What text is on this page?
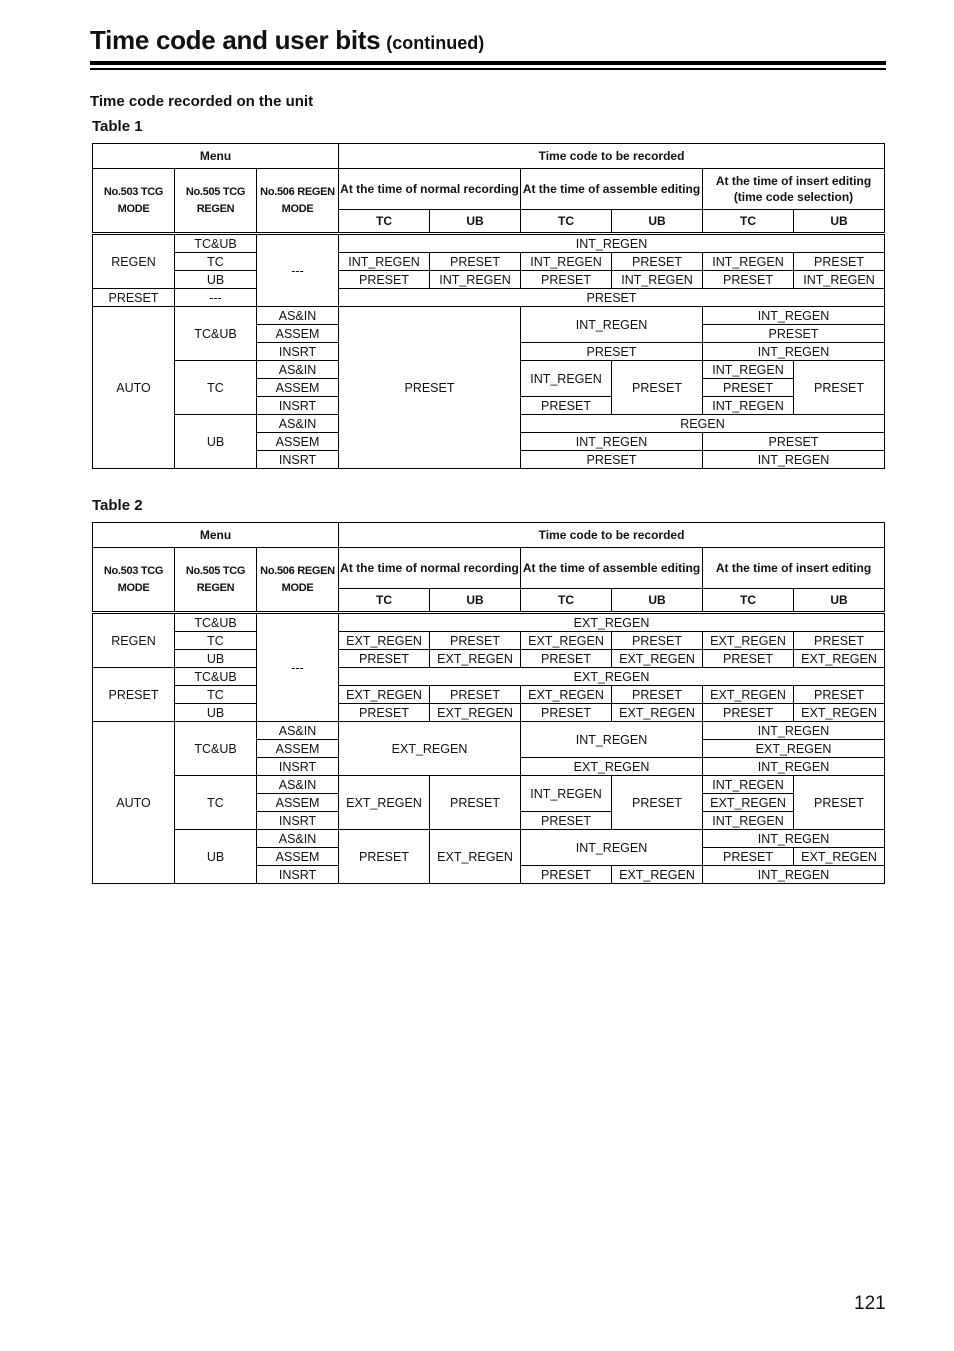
Time code and user bits (continued)
Time code recorded on the unit
Table 1
Menu			Time code to be recorded					
No.503 TCG MODE	No.505 TCG REGEN	No.506 REGEN MODE	At the time of normal recording		At the time of assemble editing		At the time of insert editing (time code selection)	
			TC	UB	TC	UB	TC	UB
REGEN	TC&UB	---	INT_REGEN					
	TC		INT_REGEN	PRESET	INT_REGEN	PRESET	INT_REGEN	PRESET
	UB		PRESET	INT_REGEN	PRESET	INT_REGEN	PRESET	INT_REGEN
PRESET	---		PRESET					
AUTO	TC&UB	AS&IN	PRESET		INT_REGEN		INT_REGEN	
		ASSEM					PRESET	
		INSRT			PRESET		INT_REGEN	
	TC	AS&IN			INT_REGEN	PRESET	INT_REGEN	PRESET
		ASSEM					PRESET	
		INSRT			PRESET		INT_REGEN	
	UB	AS&IN			REGEN			
		ASSEM			INT_REGEN		PRESET	
		INSRT			PRESET		INT_REGEN	
Table 2
Menu			Time code to be recorded					
No.503 TCG MODE	No.505 TCG REGEN	No.506 REGEN MODE	At the time of normal recording		At the time of assemble editing		At the time of insert editing	
			TC	UB	TC	UB	TC	UB
REGEN	TC&UB	---	EXT_REGEN					
	TC		EXT_REGEN	PRESET	EXT_REGEN	PRESET	EXT_REGEN	PRESET
	UB		PRESET	EXT_REGEN	PRESET	EXT_REGEN	PRESET	EXT_REGEN
PRESET	TC&UB		EXT_REGEN					
	TC		EXT_REGEN	PRESET	EXT_REGEN	PRESET	EXT_REGEN	PRESET
	UB		PRESET	EXT_REGEN	PRESET	EXT_REGEN	PRESET	EXT_REGEN
AUTO	TC&UB	AS&IN	EXT_REGEN		INT_REGEN		INT_REGEN	
		ASSEM					EXT_REGEN	
		INSRT			EXT_REGEN		INT_REGEN	
	TC	AS&IN	EXT_REGEN	PRESET	INT_REGEN	PRESET	INT_REGEN	PRESET
		ASSEM					EXT_REGEN	
		INSRT			PRESET		INT_REGEN	
	UB	AS&IN	PRESET	EXT_REGEN	INT_REGEN		INT_REGEN	
		ASSEM					PRESET	EXT_REGEN
		INSRT			PRESET	EXT_REGEN	INT_REGEN	
121
